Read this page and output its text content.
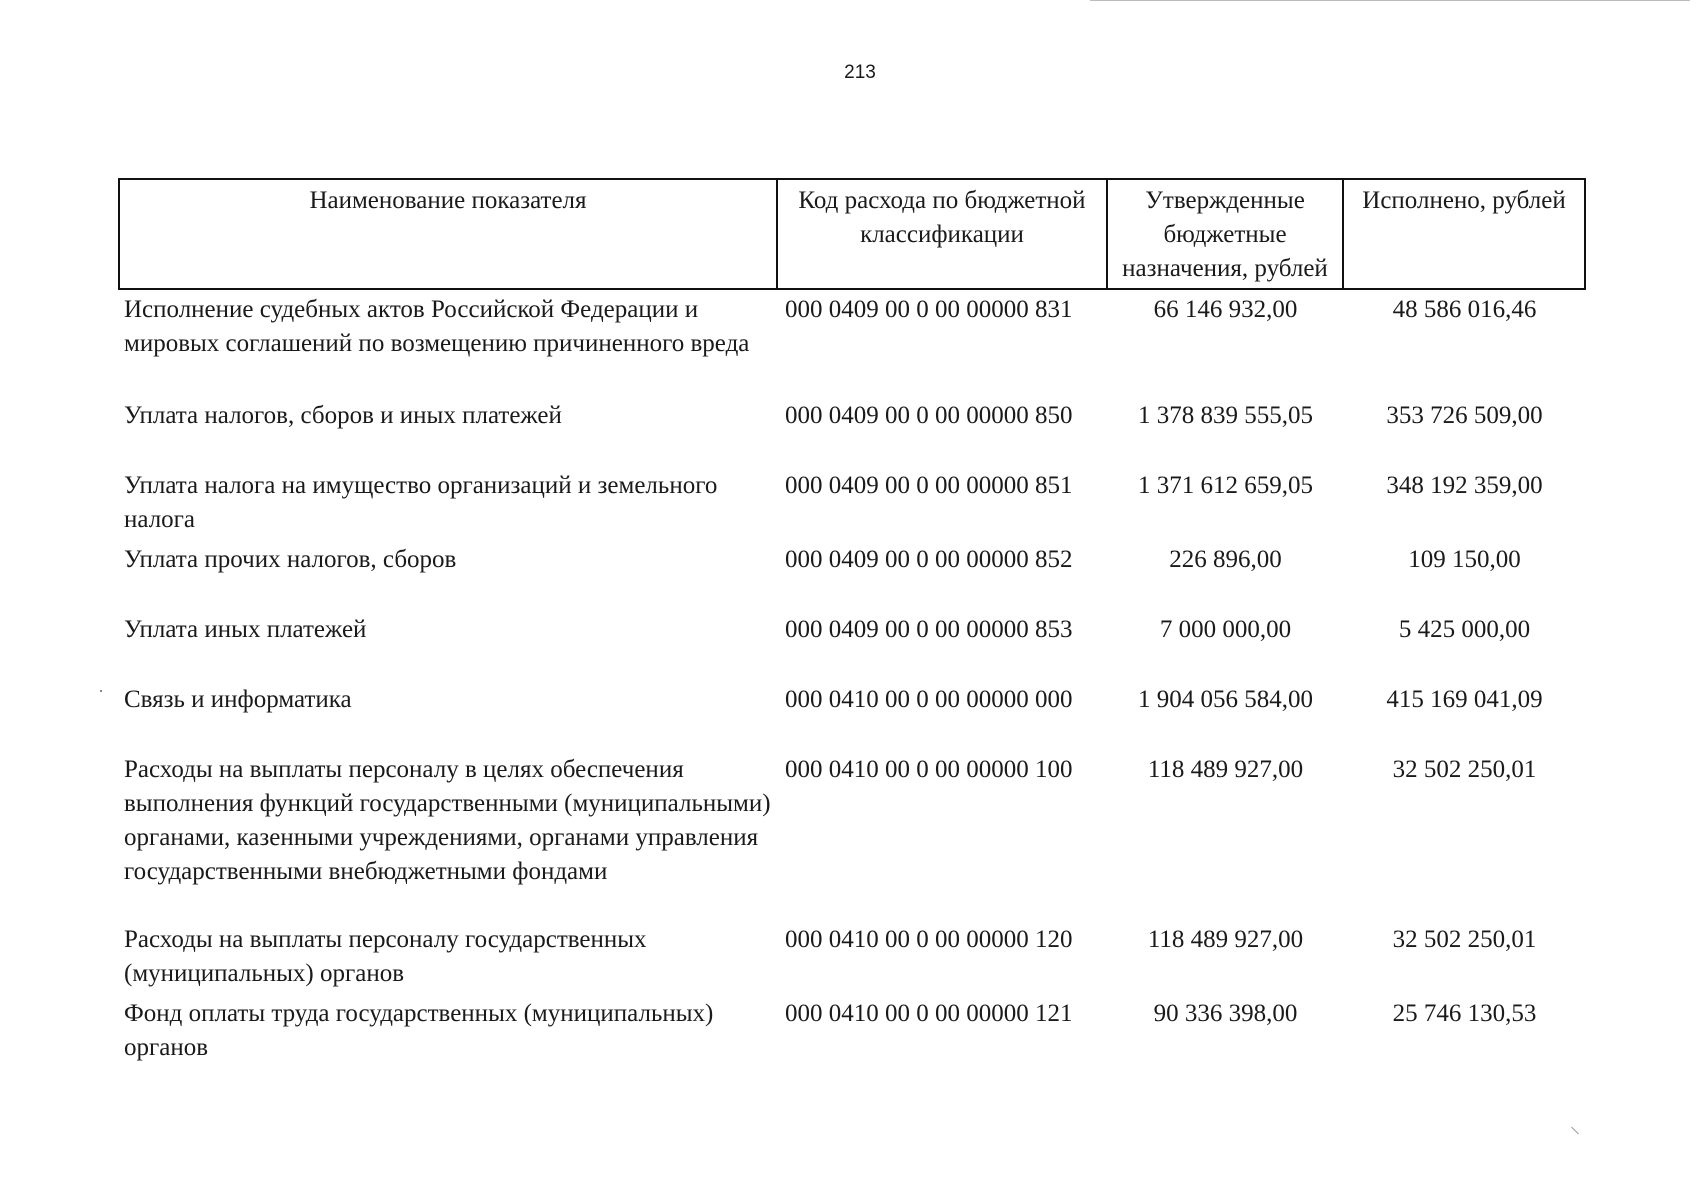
213
Наименование показателя	Код расхода по бюджетной классификации	Утвержденные бюджетные назначения, рублей	Исполнено, рублей
Исполнение судебных актов Российской Федерации и мировых соглашений по возмещению причиненного вреда	000 0409 00 0 00 00000 831	66 146 932,00	48 586 016,46
Уплата налогов, сборов и иных платежей	000 0409 00 0 00 00000 850	1 378 839 555,05	353 726 509,00
Уплата налога на имущество организаций и земельного налога	000 0409 00 0 00 00000 851	1 371 612 659,05	348 192 359,00
Уплата прочих налогов, сборов	000 0409 00 0 00 00000 852	226 896,00	109 150,00
Уплата иных платежей	000 0409 00 0 00 00000 853	7 000 000,00	5 425 000,00
Связь и информатика	000 0410 00 0 00 00000 000	1 904 056 584,00	415 169 041,09
Расходы на выплаты персоналу в целях обеспечения выполнения функций государственными (муниципальными) органами, казенными учреждениями, органами управления государственными внебюджетными фондами	000 0410 00 0 00 00000 100	118 489 927,00	32 502 250,01
Расходы на выплаты персоналу государственных (муниципальных) органов	000 0410 00 0 00 00000 120	118 489 927,00	32 502 250,01
Фонд оплаты труда государственных (муниципальных) органов	000 0410 00 0 00 00000 121	90 336 398,00	25 746 130,53
